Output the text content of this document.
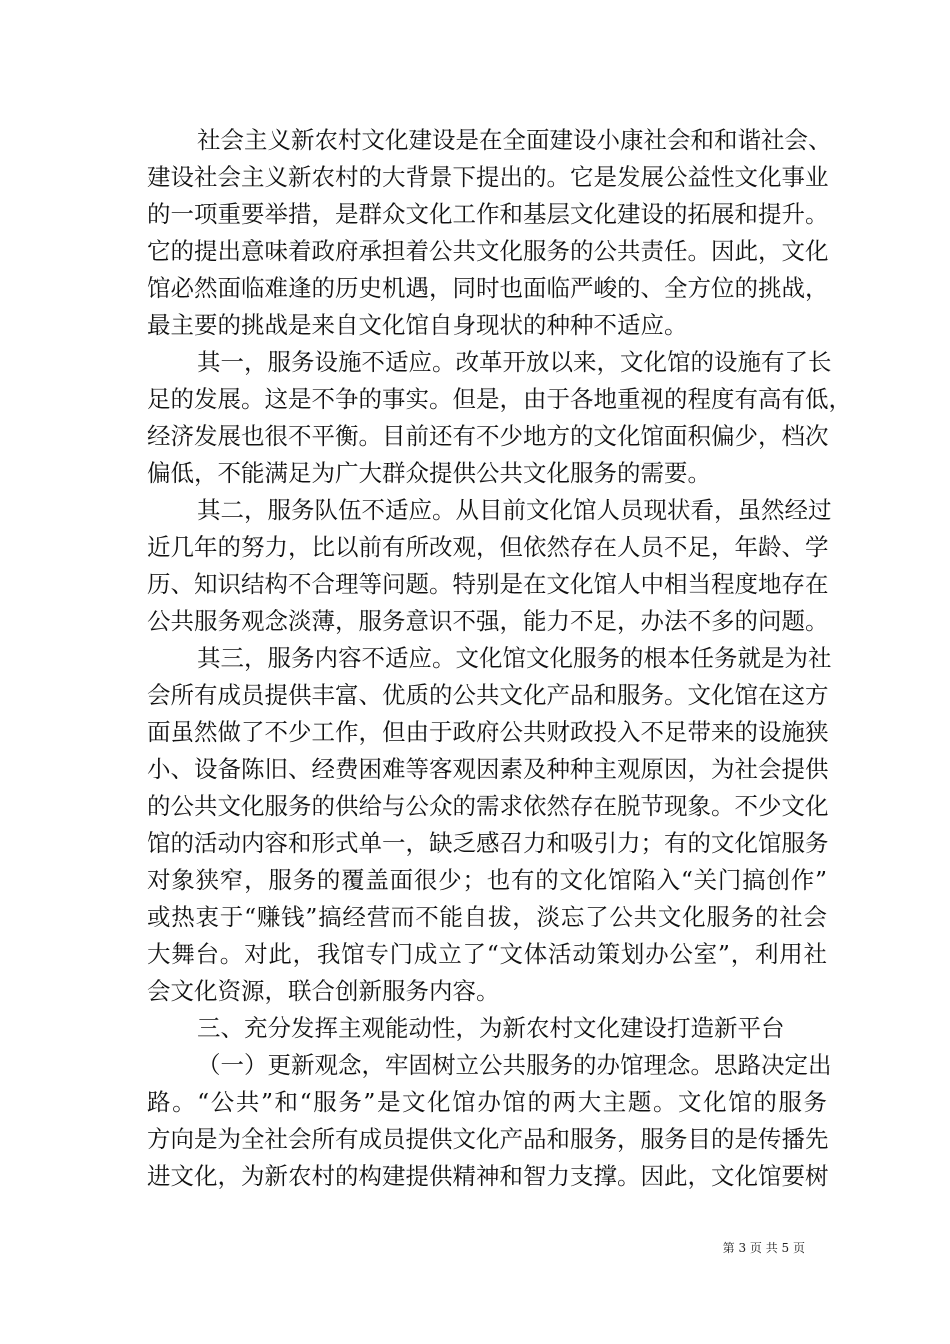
社会主义新农村文化建设是在全面建设小康社会和和谐社会、
建设社会主义新农村的大背景下提出的。它是发展公益性文化事业
的一项重要举措，是群众文化工作和基层文化建设的拓展和提升。
它的提出意味着政府承担着公共文化服务的公共责任。因此，文化
馆必然面临难逢的历史机遇，同时也面临严峻的、全方位的挑战，
最主要的挑战是来自文化馆自身现状的种种不适应。
其一，服务设施不适应。改革开放以来，文化馆的设施有了长
足的发展。这是不争的事实。但是，由于各地重视的程度有高有低，
经济发展也很不平衡。目前还有不少地方的文化馆面积偏少，档次
偏低，不能满足为广大群众提供公共文化服务的需要。
其二，服务队伍不适应。从目前文化馆人员现状看，虽然经过
近几年的努力，比以前有所改观，但依然存在人员不足，年龄、学
历、知识结构不合理等问题。特别是在文化馆人中相当程度地存在
公共服务观念淡薄，服务意识不强，能力不足，办法不多的问题。
其三，服务内容不适应。文化馆文化服务的根本任务就是为社
会所有成员提供丰富、优质的公共文化产品和服务。文化馆在这方
面虽然做了不少工作，但由于政府公共财政投入不足带来的设施狭
小、设备陈旧、经费困难等客观因素及种种主观原因，为社会提供
的公共文化服务的供给与公众的需求依然存在脱节现象。不少文化
馆的活动内容和形式单一，缺乏感召力和吸引力；有的文化馆服务
对象狭窄，服务的覆盖面很少；也有的文化馆陷入“关门搞创作”
或热衷于“赚钱”搞经营而不能自拔，淡忘了公共文化服务的社会
大舞台。对此，我馆专门成立了“文体活动策划办公室”，利用社
会文化资源，联合创新服务内容。
三、充分发挥主观能动性，为新农村文化建设打造新平台
（一）更新观念，牢固树立公共服务的办馆理念。思路决定出
路。“公共”和“服务”是文化馆办馆的两大主题。文化馆的服务
方向是为全社会所有成员提供文化产品和服务，服务目的是传播先
进文化，为新农村的构建提供精神和智力支撑。因此，文化馆要树
第 3 页 共 5 页
